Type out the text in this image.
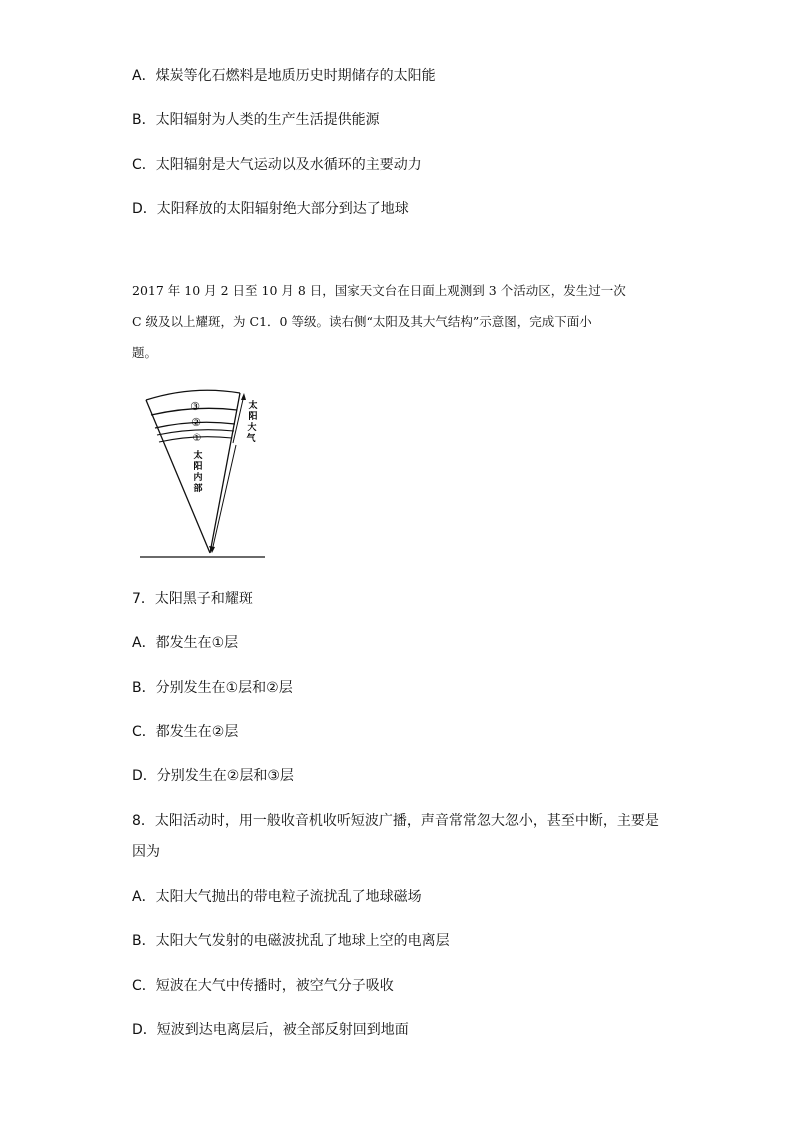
A．煤炭等化石燃料是地质历史时期储存的太阳能
B．太阳辐射为人类的生产生活提供能源
C．太阳辐射是大气运动以及水循环的主要动力
D．太阳释放的太阳辐射绝大部分到达了地球
2017 年 10 月 2 日至 10 月 8 日，国家天文台在日面上观测到 3 个活动区，发生过一次
C 级及以上耀斑，为 C1．0 等级。读右侧“太阳及其大气结构”示意图，完成下面小
题。
③
②
①
太
阳
内
部
太
阳
大
气
7．太阳黑子和耀斑
A．都发生在①层
B．分别发生在①层和②层
C．都发生在②层
D．分别发生在②层和③层
8．太阳活动时，用一般收音机收听短波广播，声音常常忽大忽小，甚至中断，主要是
因为
A．太阳大气抛出的带电粒子流扰乱了地球磁场
B．太阳大气发射的电磁波扰乱了地球上空的电离层
C．短波在大气中传播时，被空气分子吸收
D．短波到达电离层后，被全部反射回到地面
